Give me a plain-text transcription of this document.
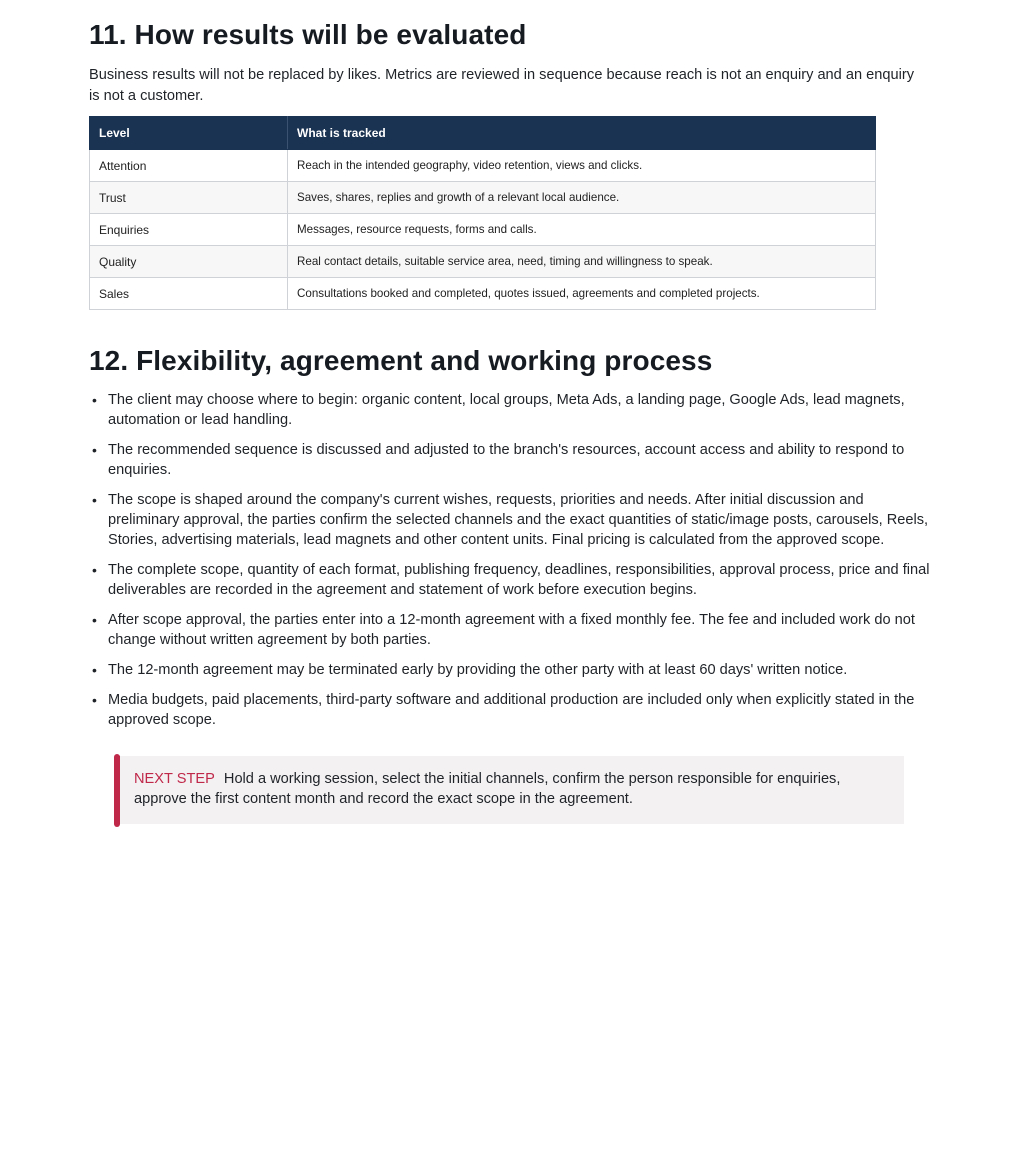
11. How results will be evaluated

Business results will not be replaced by likes. Metrics are reviewed in sequence because reach is not an enquiry and an enquiry is not a customer.

Level	What is tracked
Attention	Reach in the intended geography, video retention, views and clicks.
Trust	Saves, shares, replies and growth of a relevant local audience.
Enquiries	Messages, resource requests, forms and calls.
Quality	Real contact details, suitable service area, need, timing and willingness to speak.
Sales	Consultations booked and completed, quotes issued, agreements and completed projects.
12. Flexibility, agreement and working process
• The client may choose where to begin: organic content, local groups, Meta Ads, a landing page, Google Ads, lead magnets, automation or lead handling.
• The recommended sequence is discussed and adjusted to the branch's resources, account access and ability to respond to enquiries.
• The scope is shaped around the company's current wishes, requests, priorities and needs. After initial discussion and preliminary approval, the parties confirm the selected channels and the exact quantities of static/image posts, carousels, Reels, Stories, advertising materials, lead magnets and other content units. Final pricing is calculated from the approved scope.
• The complete scope, quantity of each format, publishing frequency, deadlines, responsibilities, approval process, price and final deliverables are recorded in the agreement and statement of work before execution begins.
• After scope approval, the parties enter into a 12-month agreement with a fixed monthly fee. The fee and included work do not change without written agreement by both parties.
• The 12-month agreement may be terminated early by providing the other party with at least 60 days' written notice.
• Media budgets, paid placements, third-party software and additional production are included only when explicitly stated in the approved scope.
NEXT STEP Hold a working session, select the initial channels, confirm the person responsible for enquiries, approve the first content month and record the exact scope in the agreement.
